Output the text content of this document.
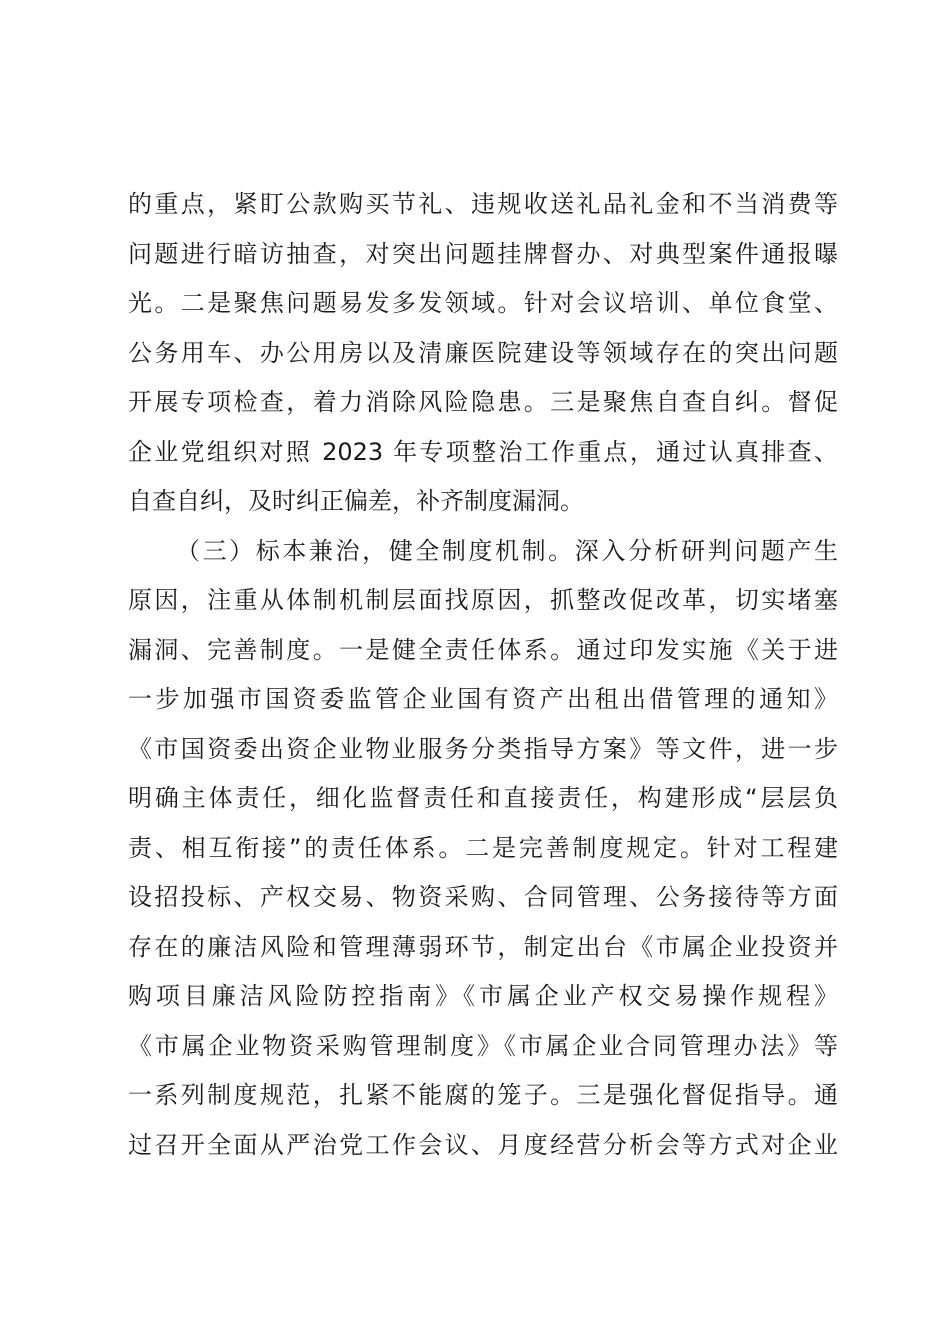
的重点，紧盯公款购买节礼、违规收送礼品礼金和不当消费等
问题进行暗访抽查，对突出问题挂牌督办、对典型案件通报曝
光。二是聚焦问题易发多发领域。针对会议培训、单位食堂、
公务用车、办公用房以及清廉医院建设等领域存在的突出问题
开展专项检查，着力消除风险隐患。三是聚焦自查自纠。督促
企业党组织对照 2023 年专项整治工作重点，通过认真排查、
自查自纠，及时纠正偏差，补齐制度漏洞。
（三）标本兼治，健全制度机制。深入分析研判问题产生
原因，注重从体制机制层面找原因，抓整改促改革，切实堵塞
漏洞、完善制度。一是健全责任体系。通过印发实施《关于进
一步加强市国资委监管企业国有资产出租出借管理的通知》
《市国资委出资企业物业服务分类指导方案》等文件，进一步
明确主体责任，细化监督责任和直接责任，构建形成“层层负
责、相互衔接”的责任体系。二是完善制度规定。针对工程建
设招投标、产权交易、物资采购、合同管理、公务接待等方面
存在的廉洁风险和管理薄弱环节，制定出台《市属企业投资并
购项目廉洁风险防控指南》《市属企业产权交易操作规程》
《市属企业物资采购管理制度》《市属企业合同管理办法》等
一系列制度规范，扎紧不能腐的笼子。三是强化督促指导。通
过召开全面从严治党工作会议、月度经营分析会等方式对企业
